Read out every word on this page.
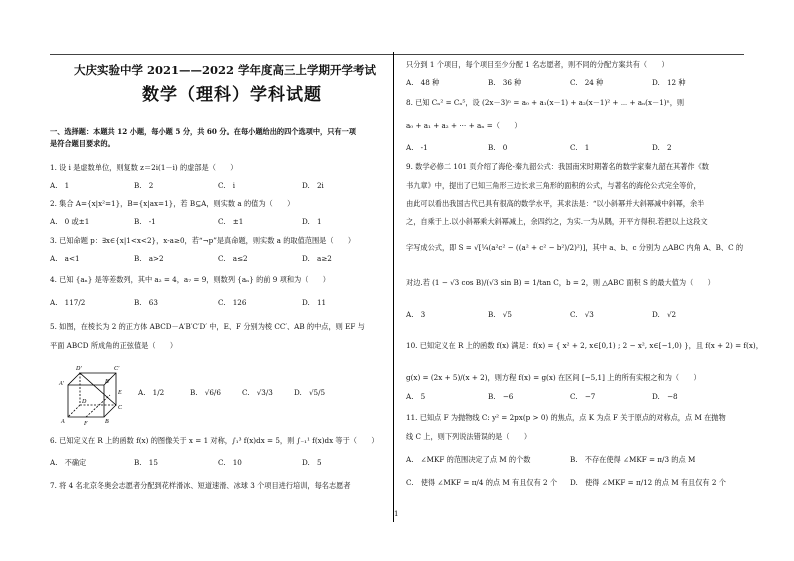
大庆实验中学 2021——2022 学年度高三上学期开学考试
数学（理科）学科试题
一、选择题：本题共 12 小题，每小题 5 分，共 60 分。在每小题给出的四个选项中，只有一项
是符合题目要求的。
1. 设 i 是虚数单位，则复数 z＝2i(1－i) 的虚部是（　　）
A.　1	B.　2	C.　i	D.　2i
2. 集合 A={x|x²=1}，B={x|ax=1}，若 B⊆A，则实数 a 的值为（　　）
A.　0 或±1	B.　-1	C.　±1	D.　1
3. 已知命题 p：∃x∈{x|1<x<2}，x-a≥0，若“¬p”是真命题，则实数 a 的取值范围是（　　）
A.　a<1	B.　a>2	C.　a≤2	D.　a≥2
4. 已知 {aₙ} 是等差数列，其中 a₂ = 4，a₇ = 9，则数列 {aₙ} 的前 9 项和为（　　）
A.　117/2	B.　63	C.　126	D.　11
5. 如图，在棱长为 2 的正方体 ABCD－A′B′C′D′ 中，E、F 分别为棱 CC′、AB 的中点，则 EF 与
平面 ABCD 所成角的正弦值是（　　）
D′	C′
A′	B′
E
D
C
A	F	B
A.　1/2	B.　√6/6	C.　√3/3	D.　√5/5
6. 已知定义在 R 上的函数 f(x) 的图像关于 x = 1 对称，∫₁³ f(x)dx = 5，则 ∫₋₁¹ f(x)dx 等于（　　）
A.　不确定	B.　15	C.　10	D.　5
7. 将 4 名北京冬奥会志愿者分配到花样滑冰、短道速滑、冰球 3 个项目进行培训，每名志愿者
只分到 1 个项目，每个项目至少分配 1 名志愿者，则不同的分配方案共有（　　）
A.　48 种	B.　36 种	C.　24 种	D.　12 种
8. 已知 Cₙ² = Cₙ⁵，设 (2x－3)ⁿ = a₀ + a₁(x－1) + a₂(x－1)² + ⋯ + aₙ(x－1)ⁿ，则
a₀ + a₁ + a₂ + ⋯ + aₙ =（　　）
A.　-1	B.　0	C.　1	D.　2
9. 数学必修二 101 页介绍了海伦-秦九韶公式：我国南宋时期著名的数学家秦九韶在其著作《数
书九章》中，提出了已知三角形三边长求三角形的面积的公式，与著名的海伦公式完全等价，
由此可以看出我国古代已具有很高的数学水平，其求法是：“以小斜幂并大斜幂减中斜幂，余半
之，自乘于上.以小斜幂乘大斜幂减上，余四约之，为实.一为从隅，开平方得积.若把以上这段文
字写成公式，即 S = √[¼(a²c² − ((a² + c² − b²)/2)²)]，其中 a、b、c 分别为 △ABC 内角 A、B、C 的
对边.若 (1 − √3 cos B)/(√3 sin B) = 1/tan C，b = 2，则 △ABC 面积 S 的最大值为（　　）
A.　3	B.　√5	C.　√3	D.　√2
10. 已知定义在 R 上的函数 f(x) 满足：f(x) = { x² + 2, x∈[0,1) ; 2 − x², x∈[−1,0) }，且 f(x + 2) = f(x)，
g(x) = (2x + 5)/(x + 2)，则方程 f(x) = g(x) 在区间 [−5,1] 上的所有实根之和为（　　）
A.　5	B.　−6	C.　−7	D.　−8
11. 已知点 F 为抛物线 C: y² = 2px(p > 0) 的焦点，点 K 为点 F 关于原点的对称点，点 M 在抛物
线 C 上，则下列说法错误的是（　　）
A.　∠MKF 的范围决定了点 M 的个数	B.　不存在使得 ∠MKF = π/3 的点 M
C.　使得 ∠MKF = π/4 的点 M 有且仅有 2 个 D.　使得 ∠MKF = π/12 的点 M 有且仅有 2 个
1
